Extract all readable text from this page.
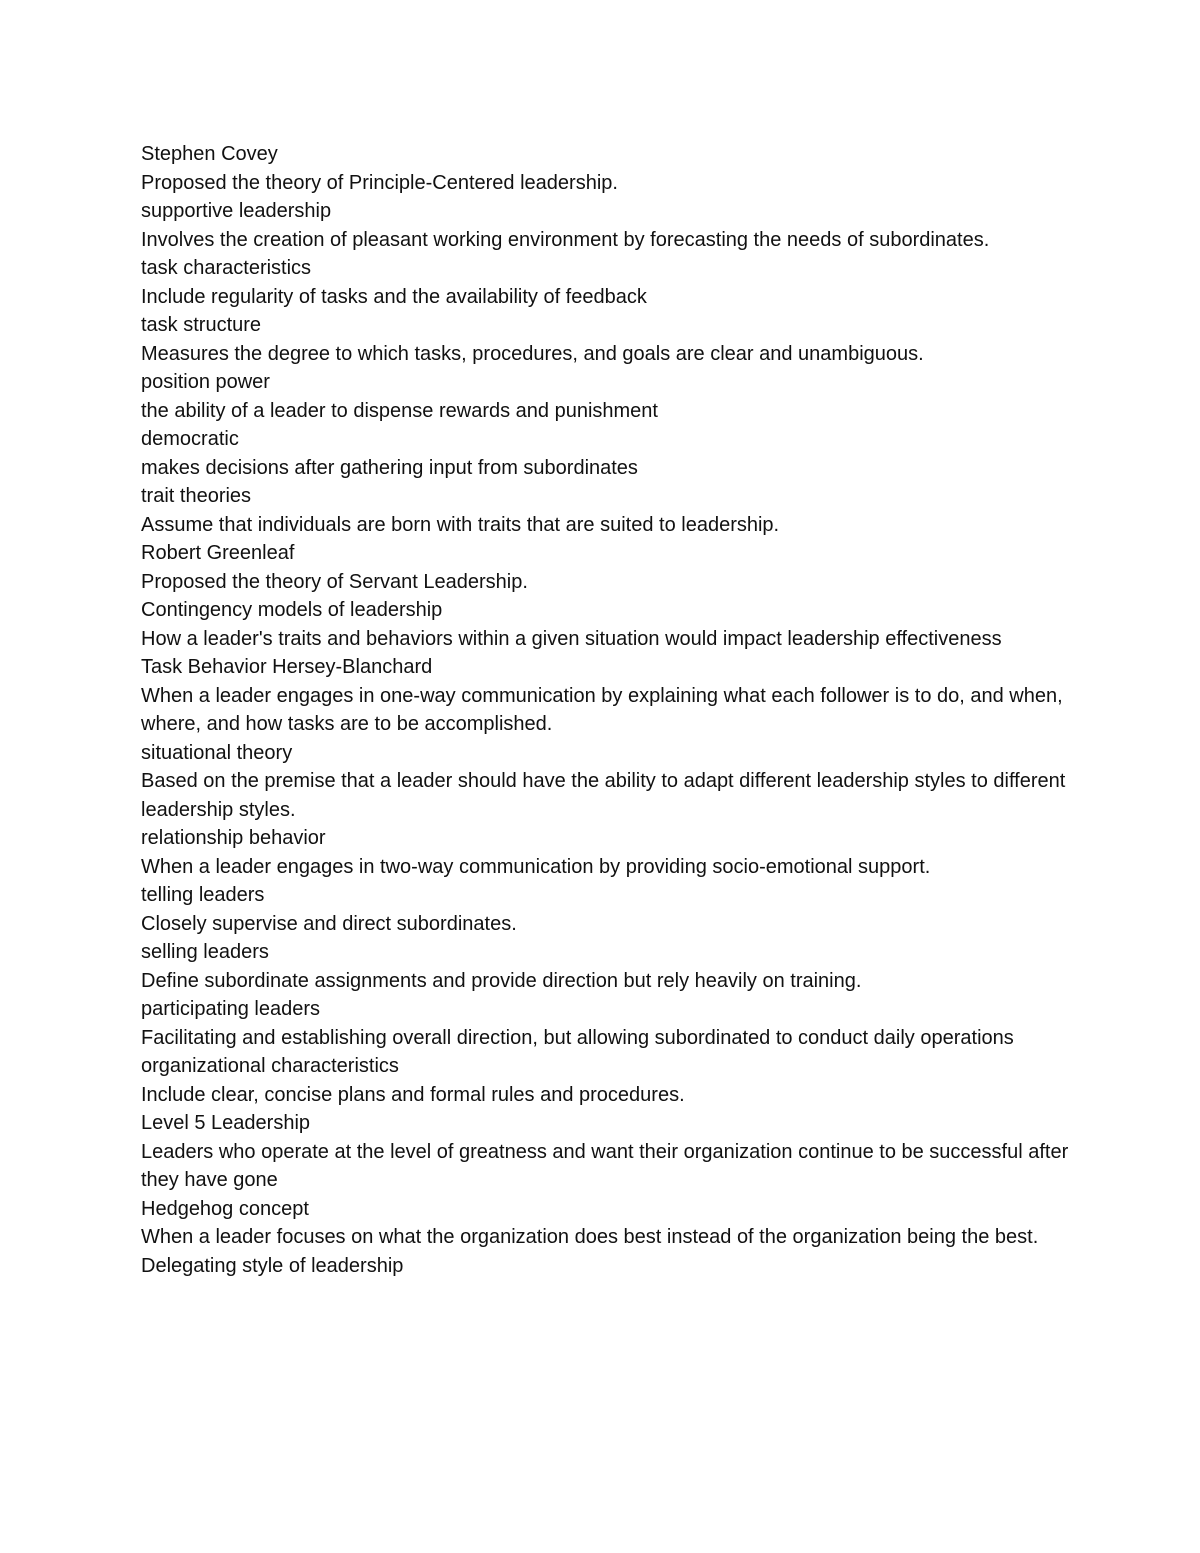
Stephen Covey

Proposed the theory of Principle-Centered leadership.

supportive leadership

Involves the creation of pleasant working environment by forecasting the needs of subordinates.

task characteristics

Include regularity of tasks and the availability of feedback

task structure

Measures the degree to which tasks, procedures, and goals are clear and unambiguous.

position power

the ability of a leader to dispense rewards and punishment

democratic

makes decisions after gathering input from subordinates

trait theories

Assume that individuals are born with traits that are suited to leadership.

Robert Greenleaf

Proposed the theory of Servant Leadership.

Contingency models of leadership

How a leader's traits and behaviors within a given situation would impact leadership effectiveness

Task Behavior Hersey-Blanchard

When a leader engages in one-way communication by explaining what each follower is to do, and when, where, and how tasks are to be accomplished.

situational theory

Based on the premise that a leader should have the ability to adapt different leadership styles to different leadership styles.

relationship behavior

When a leader engages in two-way communication by providing socio-emotional support.

telling leaders

Closely supervise and direct subordinates.

selling leaders

Define subordinate assignments and provide direction but rely heavily on training.

participating leaders

Facilitating and establishing overall direction, but allowing subordinated to conduct daily operations

organizational characteristics

Include clear, concise plans and formal rules and procedures.

Level 5 Leadership

Leaders who operate at the level of greatness and want their organization continue to be successful after they have gone

Hedgehog concept

When a leader focuses on what the organization does best instead of the organization being the best.

Delegating style of leadership
